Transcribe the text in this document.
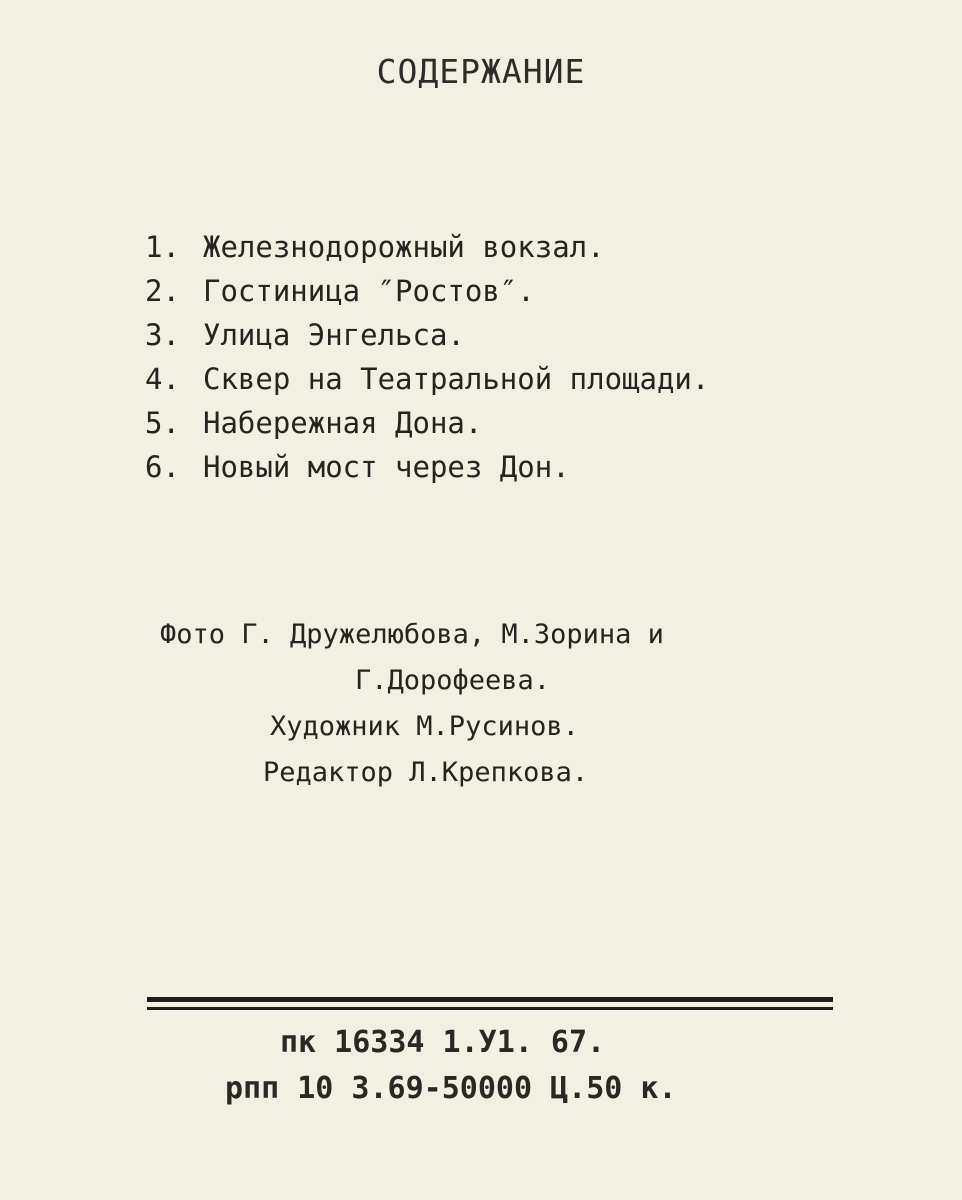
СОДЕРЖАНИЕ
1. Железнодорожный вокзал.
2. Гостиница ″Ростов″.
3. Улица Энгельса.
4. Сквер на Театральной площади.
5. Набережная Дона.
6. Новый мост через Дон.
Фото Г. Дружелюбова, М.Зорина и
Г.Дорофеева.
Художник М.Русинов.
Редактор Л.Крепкова.
пк 16334 1.У1. 67.
рпп 10 3.69-50000 Ц.50 к.
